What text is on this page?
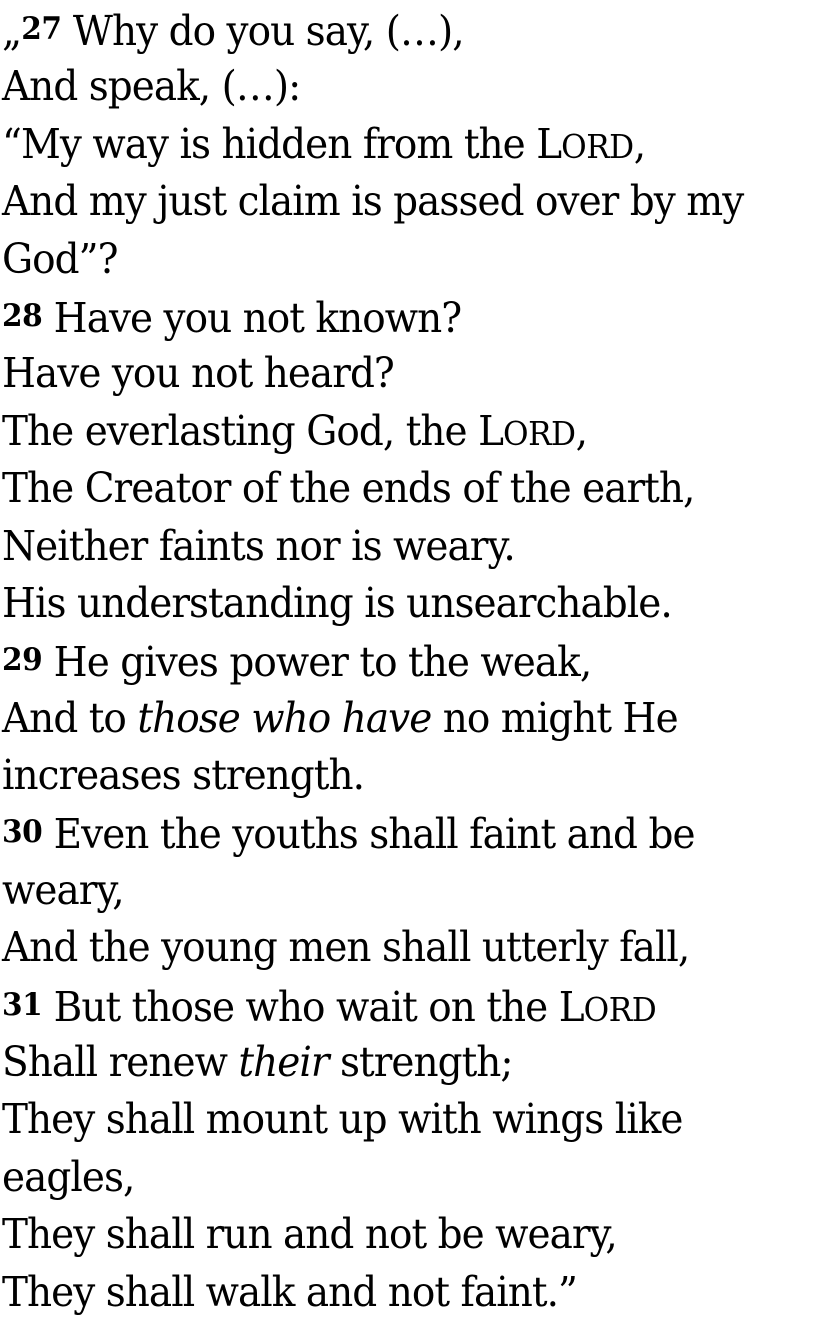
„27 Why do you say, (…),
And speak, (…):
“My way is hidden from the LORD,
And my just claim is passed over by my
God”?
28 Have you not known?
Have you not heard?
The everlasting God, the LORD,
The Creator of the ends of the earth,
Neither faints nor is weary.
His understanding is unsearchable.
29 He gives power to the weak,
And to those who have no might He
increases strength.
30 Even the youths shall faint and be
weary,
And the young men shall utterly fall,
31 But those who wait on the LORD
Shall renew their strength;
They shall mount up with wings like
eagles,
They shall run and not be weary,
They shall walk and not faint.”
